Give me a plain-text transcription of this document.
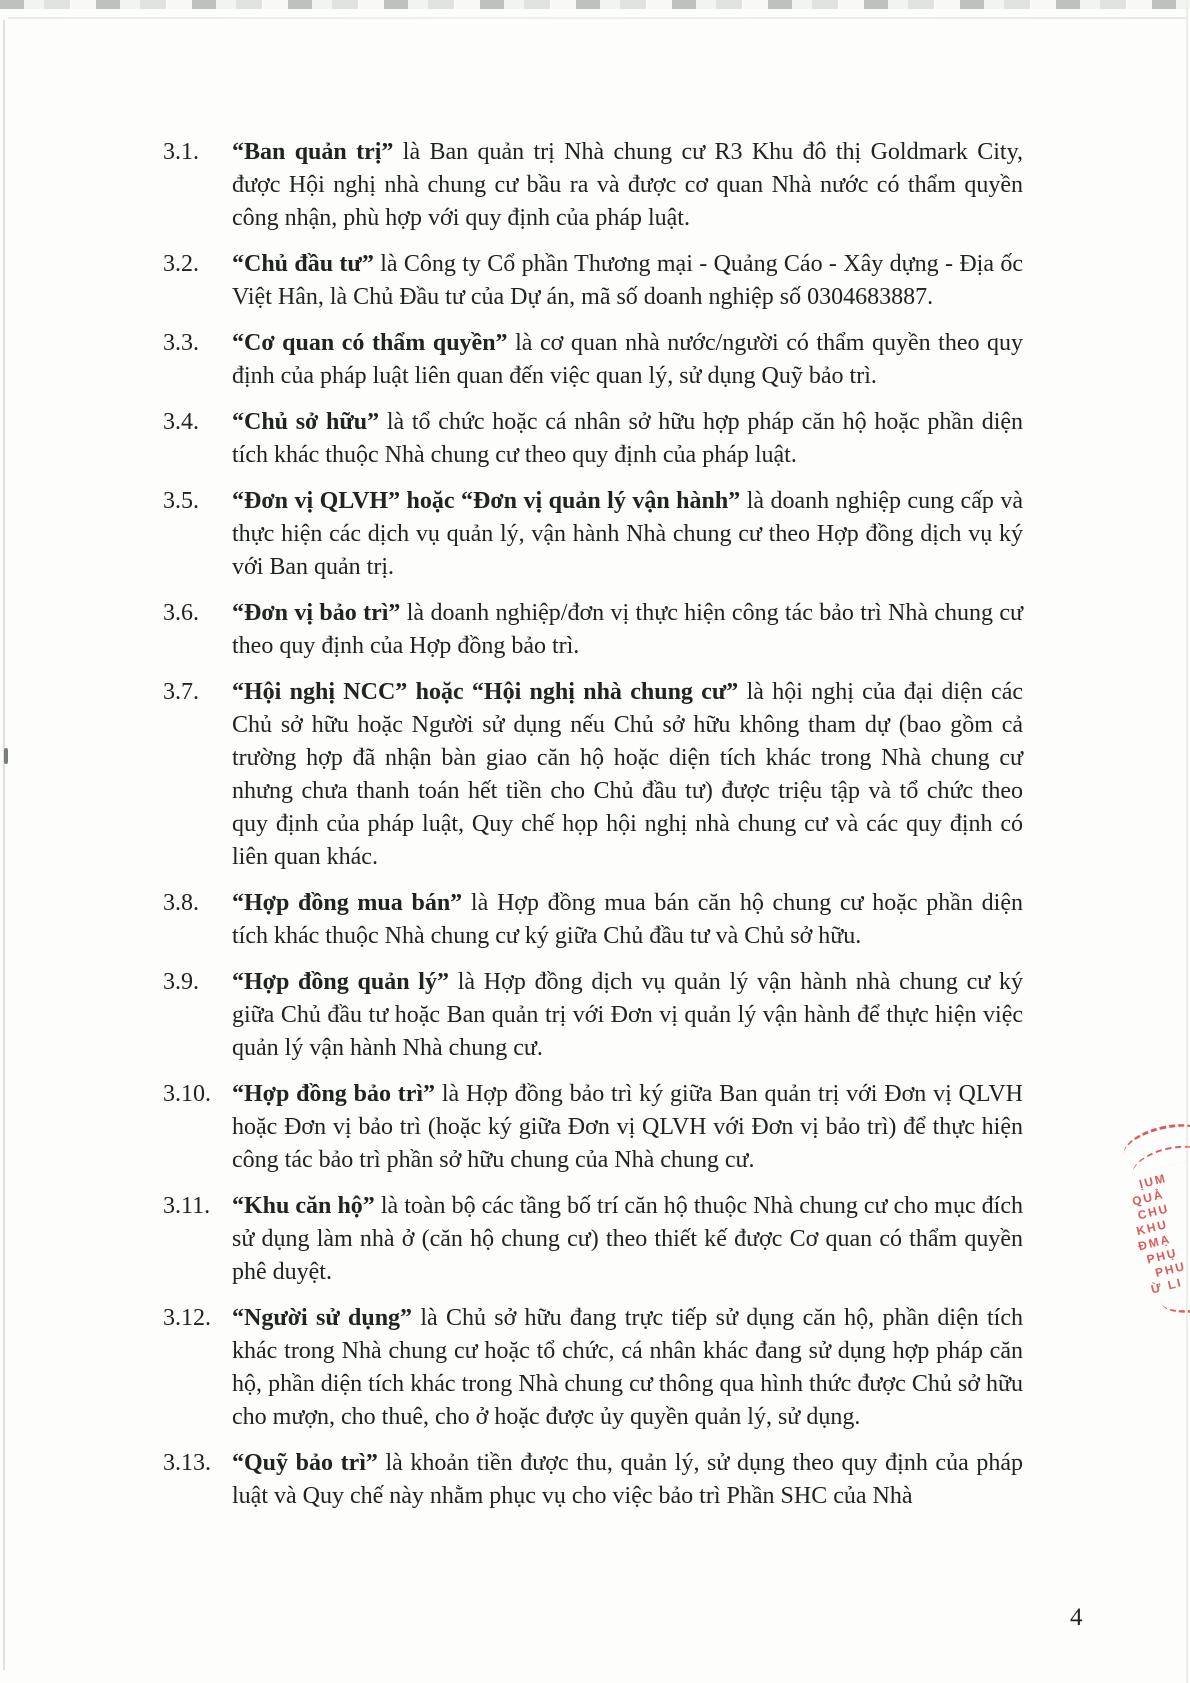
3.1.	“Ban quản trị” là Ban quản trị Nhà chung cư R3 Khu đô thị Goldmark City, được Hội nghị nhà chung cư bầu ra và được cơ quan Nhà nước có thẩm quyền công nhận, phù hợp với quy định của pháp luật.

3.2.	“Chủ đầu tư” là Công ty Cổ phần Thương mại - Quảng Cáo - Xây dựng - Địa ốc Việt Hân, là Chủ Đầu tư của Dự án, mã số doanh nghiệp số 0304683887.

3.3.	“Cơ quan có thẩm quyền” là cơ quan nhà nước/người có thẩm quyền theo quy định của pháp luật liên quan đến việc quan lý, sử dụng Quỹ bảo trì.

3.4.	“Chủ sở hữu” là tổ chức hoặc cá nhân sở hữu hợp pháp căn hộ hoặc phần diện tích khác thuộc Nhà chung cư theo quy định của pháp luật.

3.5.	“Đơn vị QLVH” hoặc “Đơn vị quản lý vận hành” là doanh nghiệp cung cấp và thực hiện các dịch vụ quản lý, vận hành Nhà chung cư theo Hợp đồng dịch vụ ký với Ban quản trị.

3.6.	“Đơn vị bảo trì” là doanh nghiệp/đơn vị thực hiện công tác bảo trì Nhà chung cư theo quy định của Hợp đồng bảo trì.

3.7.	“Hội nghị NCC” hoặc “Hội nghị nhà chung cư” là hội nghị của đại diện các Chủ sở hữu hoặc Người sử dụng nếu Chủ sở hữu không tham dự (bao gồm cả trường hợp đã nhận bàn giao căn hộ hoặc diện tích khác trong Nhà chung cư nhưng chưa thanh toán hết tiền cho Chủ đầu tư) được triệu tập và tổ chức theo quy định của pháp luật, Quy chế họp hội nghị nhà chung cư và các quy định có liên quan khác.

3.8.	“Hợp đồng mua bán” là Hợp đồng mua bán căn hộ chung cư hoặc phần diện tích khác thuộc Nhà chung cư ký giữa Chủ đầu tư và Chủ sở hữu.

3.9.	“Hợp đồng quản lý” là Hợp đồng dịch vụ quản lý vận hành nhà chung cư ký giữa Chủ đầu tư hoặc Ban quản trị với Đơn vị quản lý vận hành để thực hiện việc quản lý vận hành Nhà chung cư.

3.10. “Hợp đồng bảo trì” là Hợp đồng bảo trì ký giữa Ban quản trị với Đơn vị QLVH hoặc Đơn vị bảo trì (hoặc ký giữa Đơn vị QLVH với Đơn vị bảo trì) để thực hiện công tác bảo trì phần sở hữu chung của Nhà chung cư.

3.11. “Khu căn hộ” là toàn bộ các tầng bố trí căn hộ thuộc Nhà chung cư cho mục đích sử dụng làm nhà ở (căn hộ chung cư) theo thiết kế được Cơ quan có thẩm quyền phê duyệt.

3.12. “Người sử dụng” là Chủ sở hữu đang trực tiếp sử dụng căn hộ, phần diện tích khác trong Nhà chung cư hoặc tổ chức, cá nhân khác đang sử dụng hợp pháp căn hộ, phần diện tích khác trong Nhà chung cư thông qua hình thức được Chủ sở hữu cho mượn, cho thuê, cho ở hoặc được ủy quyền quản lý, sử dụng.

3.13. “Quỹ bảo trì” là khoản tiền được thu, quản lý, sử dụng theo quy định của pháp luật và Quy chế này nhằm phục vụ cho việc bảo trì Phần SHC của Nhà

ỊUM
QUẢ
CHU
KHU
ĐMẠ
PHỤ
PHU
Ừ LI
4
